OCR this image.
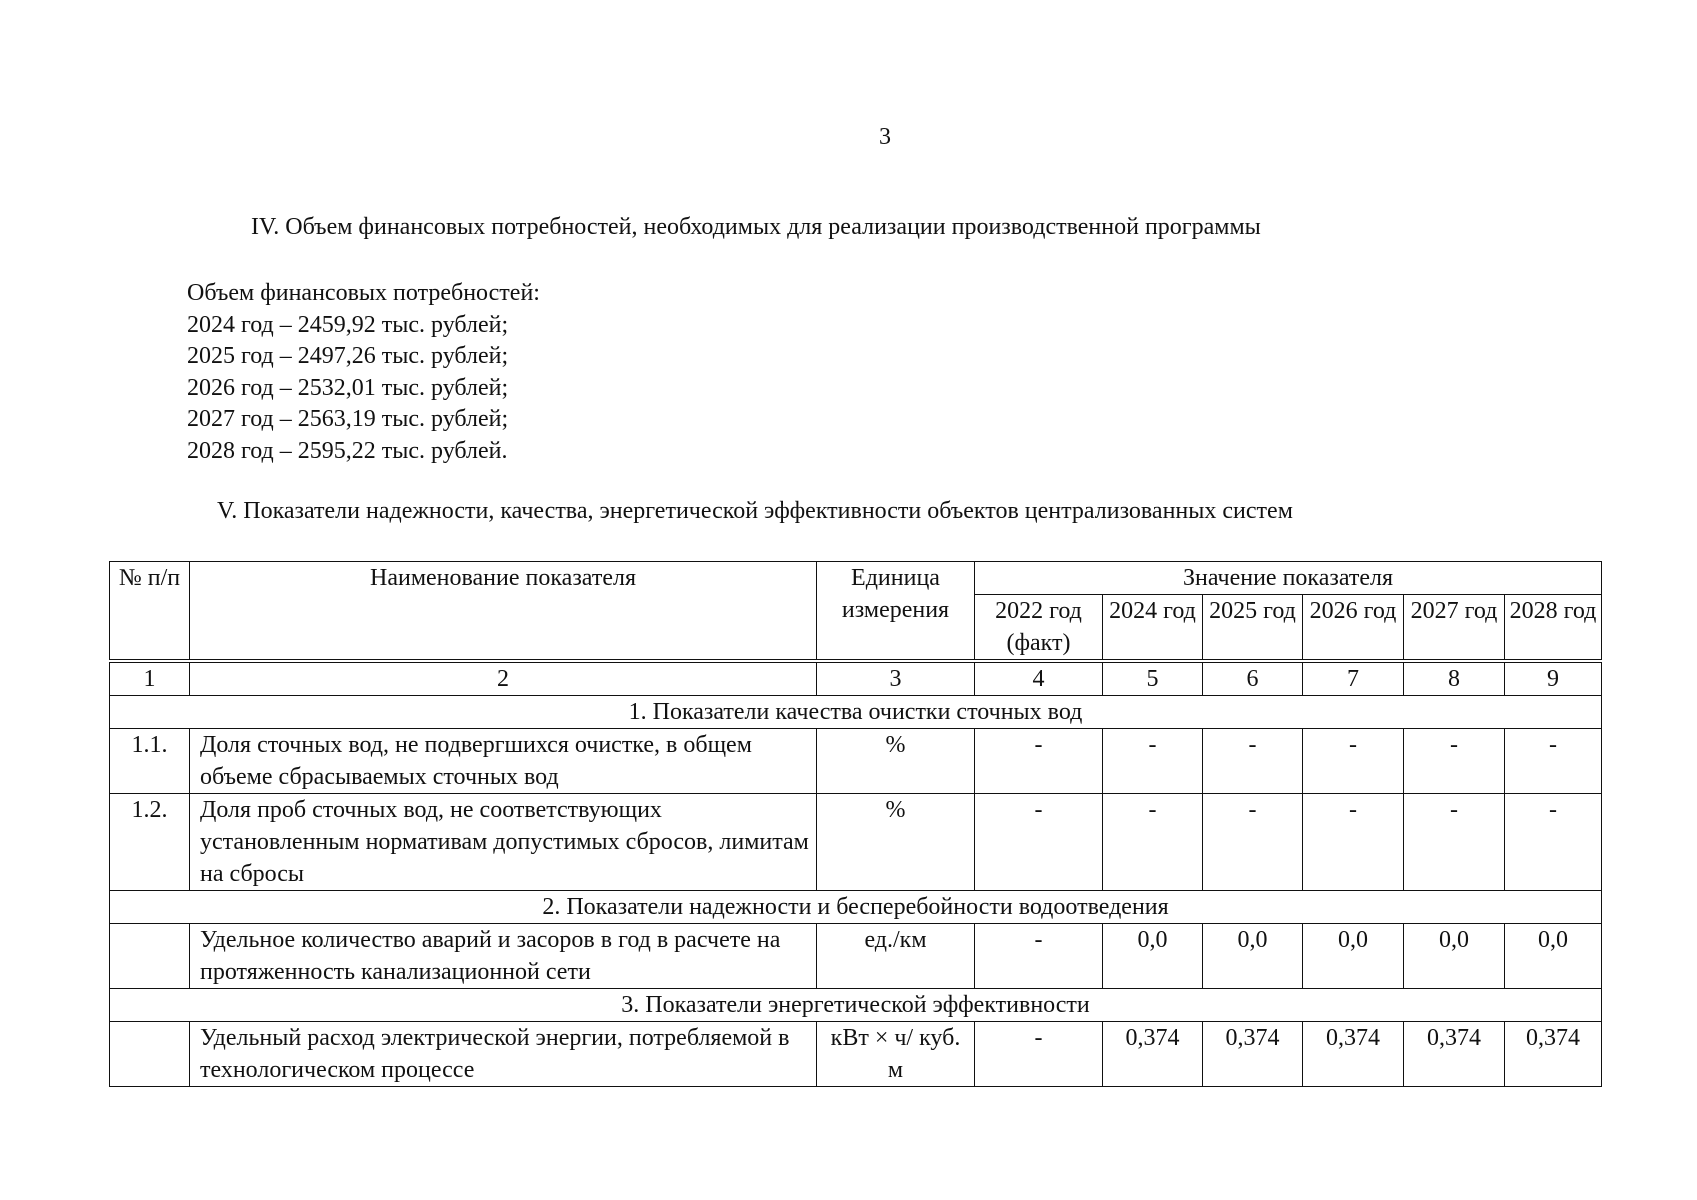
3
IV. Объем финансовых потребностей, необходимых для реализации производственной программы
Объем финансовых потребностей:
2024 год – 2459,92 тыс. рублей;
2025 год – 2497,26 тыс. рублей;
2026 год – 2532,01 тыс. рублей;
2027 год – 2563,19 тыс. рублей;
2028 год – 2595,22 тыс. рублей.
V. Показатели надежности, качества, энергетической эффективности объектов централизованных систем
№ п/п	Наименование показателя	Единица измерения	Значение показателя					
			2022 год (факт)	2024 год	2025 год	2026 год	2027 год	2028 год
1	2	3	4	5	6	7	8	9
1. Показатели качества очистки сточных вод								
1.1.	Доля сточных вод, не подвергшихся очистке, в общем объеме сбрасываемых сточных вод	%	-	-	-	-	-	-
1.2.	Доля проб сточных вод, не соответствующих установленным нормативам допустимых сбросов, лимитам на сбросы	%	-	-	-	-	-	-
2. Показатели надежности и бесперебойности водоотведения								
	Удельное количество аварий и засоров в год в расчете на протяженность канализационной сети	ед./км	-	0,0	0,0	0,0	0,0	0,0
3. Показатели энергетической эффективности								
	Удельный расход электрической энергии, потребляемой в технологическом процессе	кВт × ч/ куб. м	-	0,374	0,374	0,374	0,374	0,374
